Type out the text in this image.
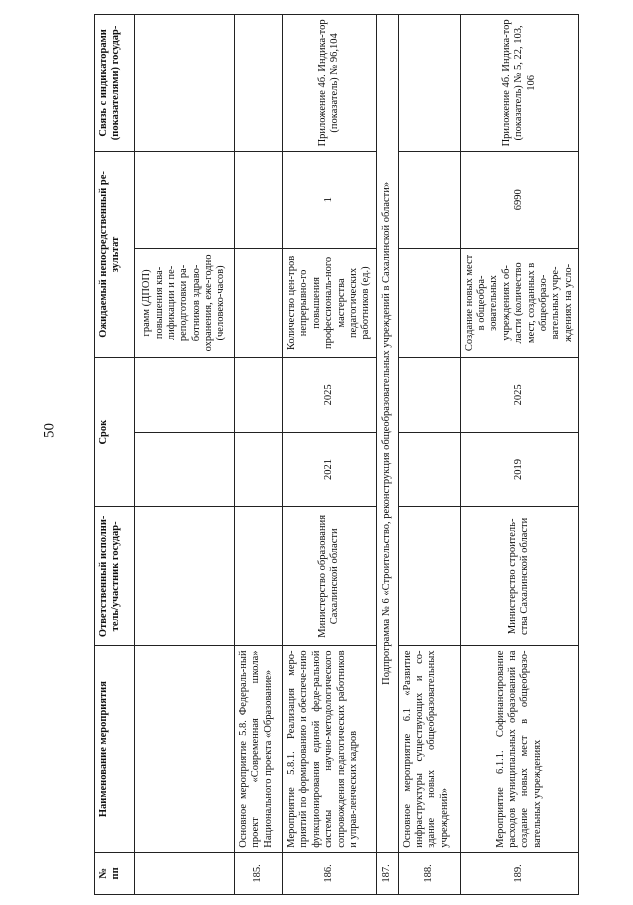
50
№
пп	Наименование мероприятия	Ответственный исполни-
тель/участник государ-	Срок		Ожидаемый непосредственный ре-
зультат		Связь с индикаторами
(показателями) государ-
					грамм (ДПОП) повышения ква-лификации и пе-реподготовки ра-ботников здраво-охранения, еже-годно (человеко-часов)		
185.	Основное мероприятие 5.8. Федераль-ный проект «Современная школа» Национального проекта «Образование»						
186.	Мероприятие 5.8.1. Реализация меро-приятий по формированию и обеспече-нию функционирования единой феде-ральной системы научно-методологического сопровождения педагогических работников и управ-ленческих кадров	Министерство образования Сахалинской области	2021	2025	Количество цен-тров непрерывно-го повышения профессиональ-ного мастерства педагогических работников (ед.)	1	Приложение 4б. Индика-тор (показатель) № 96,104
187.	Подпрограмма № 6 «Строительство, реконструкция общеобразовательных учреждений в Сахалинской области»						
188.	Основное мероприятие 6.1 «Развитие инфраструктуры существующих и со-здание новых общеобразовательных учреждений»						
189.	Мероприятие 6.1.1. Софинансирование расходов муниципальных образований на создание новых мест в общеобразо-вательных учреждениях	Министерство строитель-ства Сахалинской области	2019	2025	Создание новых мест в общеобра-зовательных учреждениях об-ласти (количество мест, созданных в общеобразо-вательных учре-ждениях на усло-	6990	Приложение 4б. Индика-тор (показатель) № 5, 22, 103, 106
